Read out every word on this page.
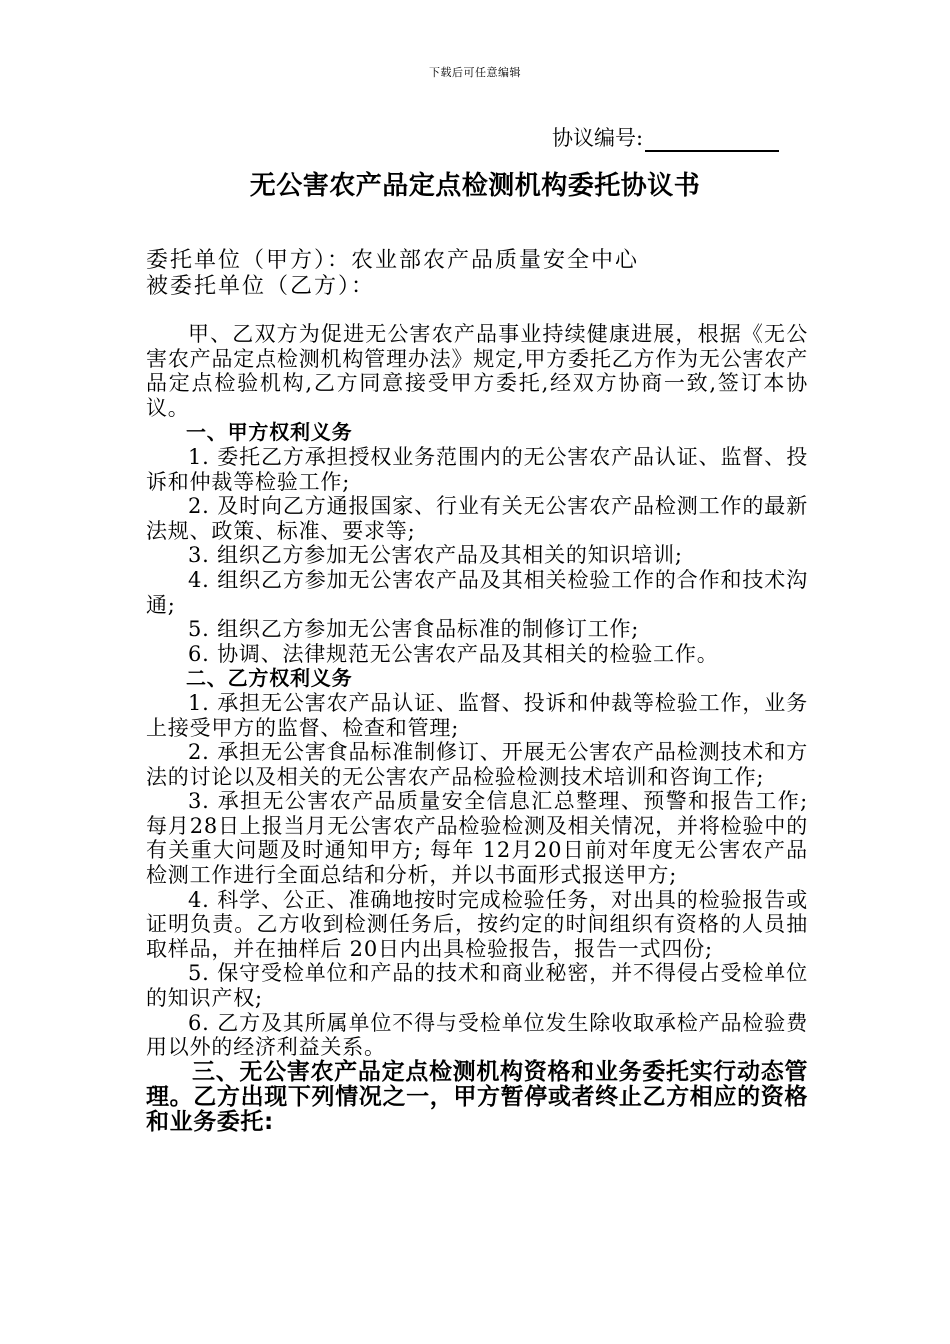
下载后可任意编辑
协议编号:
无公害农产品定点检测机构委托协议书
委托单位（甲方）：农业部农产品质量安全中心
被委托单位（乙方）：

甲、乙双方为促进无公害农产品事业持续健康进展，根据《无公害农产品定点检测机构管理办法》规定,甲方委托乙方作为无公害农产品定点检验机构,乙方同意接受甲方委托,经双方协商一致,签订本协议。

一、甲方权利义务

1. 委托乙方承担授权业务范围内的无公害农产品认证、监督、投诉和仲裁等检验工作;

2. 及时向乙方通报国家、行业有关无公害农产品检测工作的最新法规、政策、标准、要求等;

3. 组织乙方参加无公害农产品及其相关的知识培训;

4. 组织乙方参加无公害农产品及其相关检验工作的合作和技术沟通;

5. 组织乙方参加无公害食品标准的制修订工作;

6. 协调、法律规范无公害农产品及其相关的检验工作。

二、乙方权利义务

1. 承担无公害农产品认证、监督、投诉和仲裁等检验工作，业务上接受甲方的监督、检查和管理;

2. 承担无公害食品标准制修订、开展无公害农产品检测技术和方法的讨论以及相关的无公害农产品检验检测技术培训和咨询工作;

3. 承担无公害农产品质量安全信息汇总整理、预警和报告工作; 每月28日上报当月无公害农产品检验检测及相关情况，并将检验中的有关重大问题及时通知甲方; 每年 12月20日前对年度无公害农产品检测工作进行全面总结和分析，并以书面形式报送甲方;

4. 科学、公正、准确地按时完成检验任务，对出具的检验报告或证明负责。乙方收到检测任务后，按约定的时间组织有资格的人员抽取样品，并在抽样后 20日内出具检验报告，报告一式四份;

5. 保守受检单位和产品的技术和商业秘密，并不得侵占受检单位的知识产权;

6. 乙方及其所属单位不得与受检单位发生除收取承检产品检验费用以外的经济利益关系。

三、无公害农产品定点检测机构资格和业务委托实行动态管理。乙方出现下列情况之一，甲方暂停或者终止乙方相应的资格和业务委托:
